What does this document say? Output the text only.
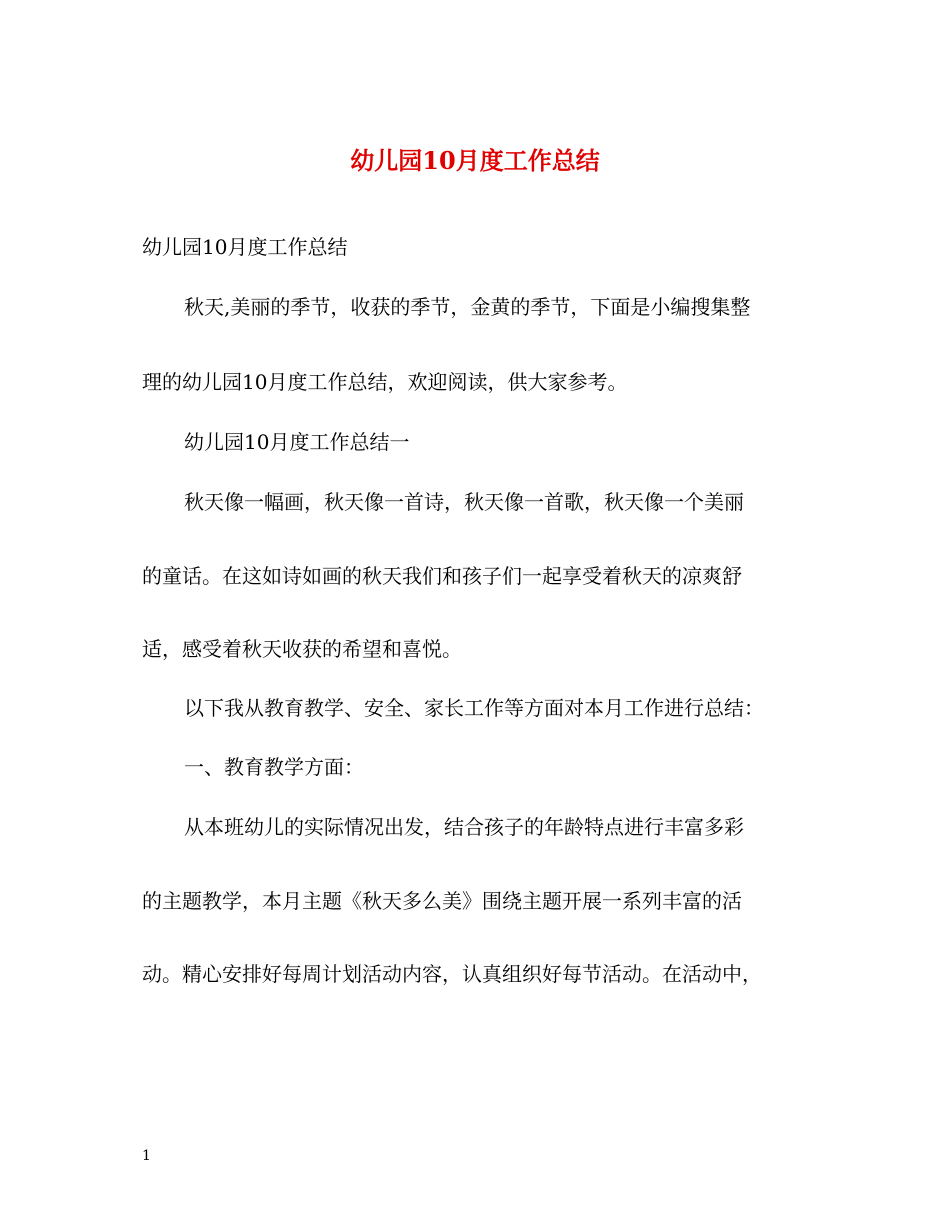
幼儿园10月度工作总结
幼儿园10月度工作总结
秋天,美丽的季节，收获的季节，金黄的季节，下面是小编搜集整
理的幼儿园10月度工作总结，欢迎阅读，供大家参考。
幼儿园10月度工作总结一
秋天像一幅画，秋天像一首诗，秋天像一首歌，秋天像一个美丽
的童话。在这如诗如画的秋天我们和孩子们一起享受着秋天的凉爽舒
适，感受着秋天收获的希望和喜悦。
以下我从教育教学、安全、家长工作等方面对本月工作进行总结：
一、教育教学方面：
从本班幼儿的实际情况出发，结合孩子的年龄特点进行丰富多彩
的主题教学，本月主题《秋天多么美》围绕主题开展一系列丰富的活
动。精心安排好每周计划活动内容，认真组织好每节活动。在活动中，
1
